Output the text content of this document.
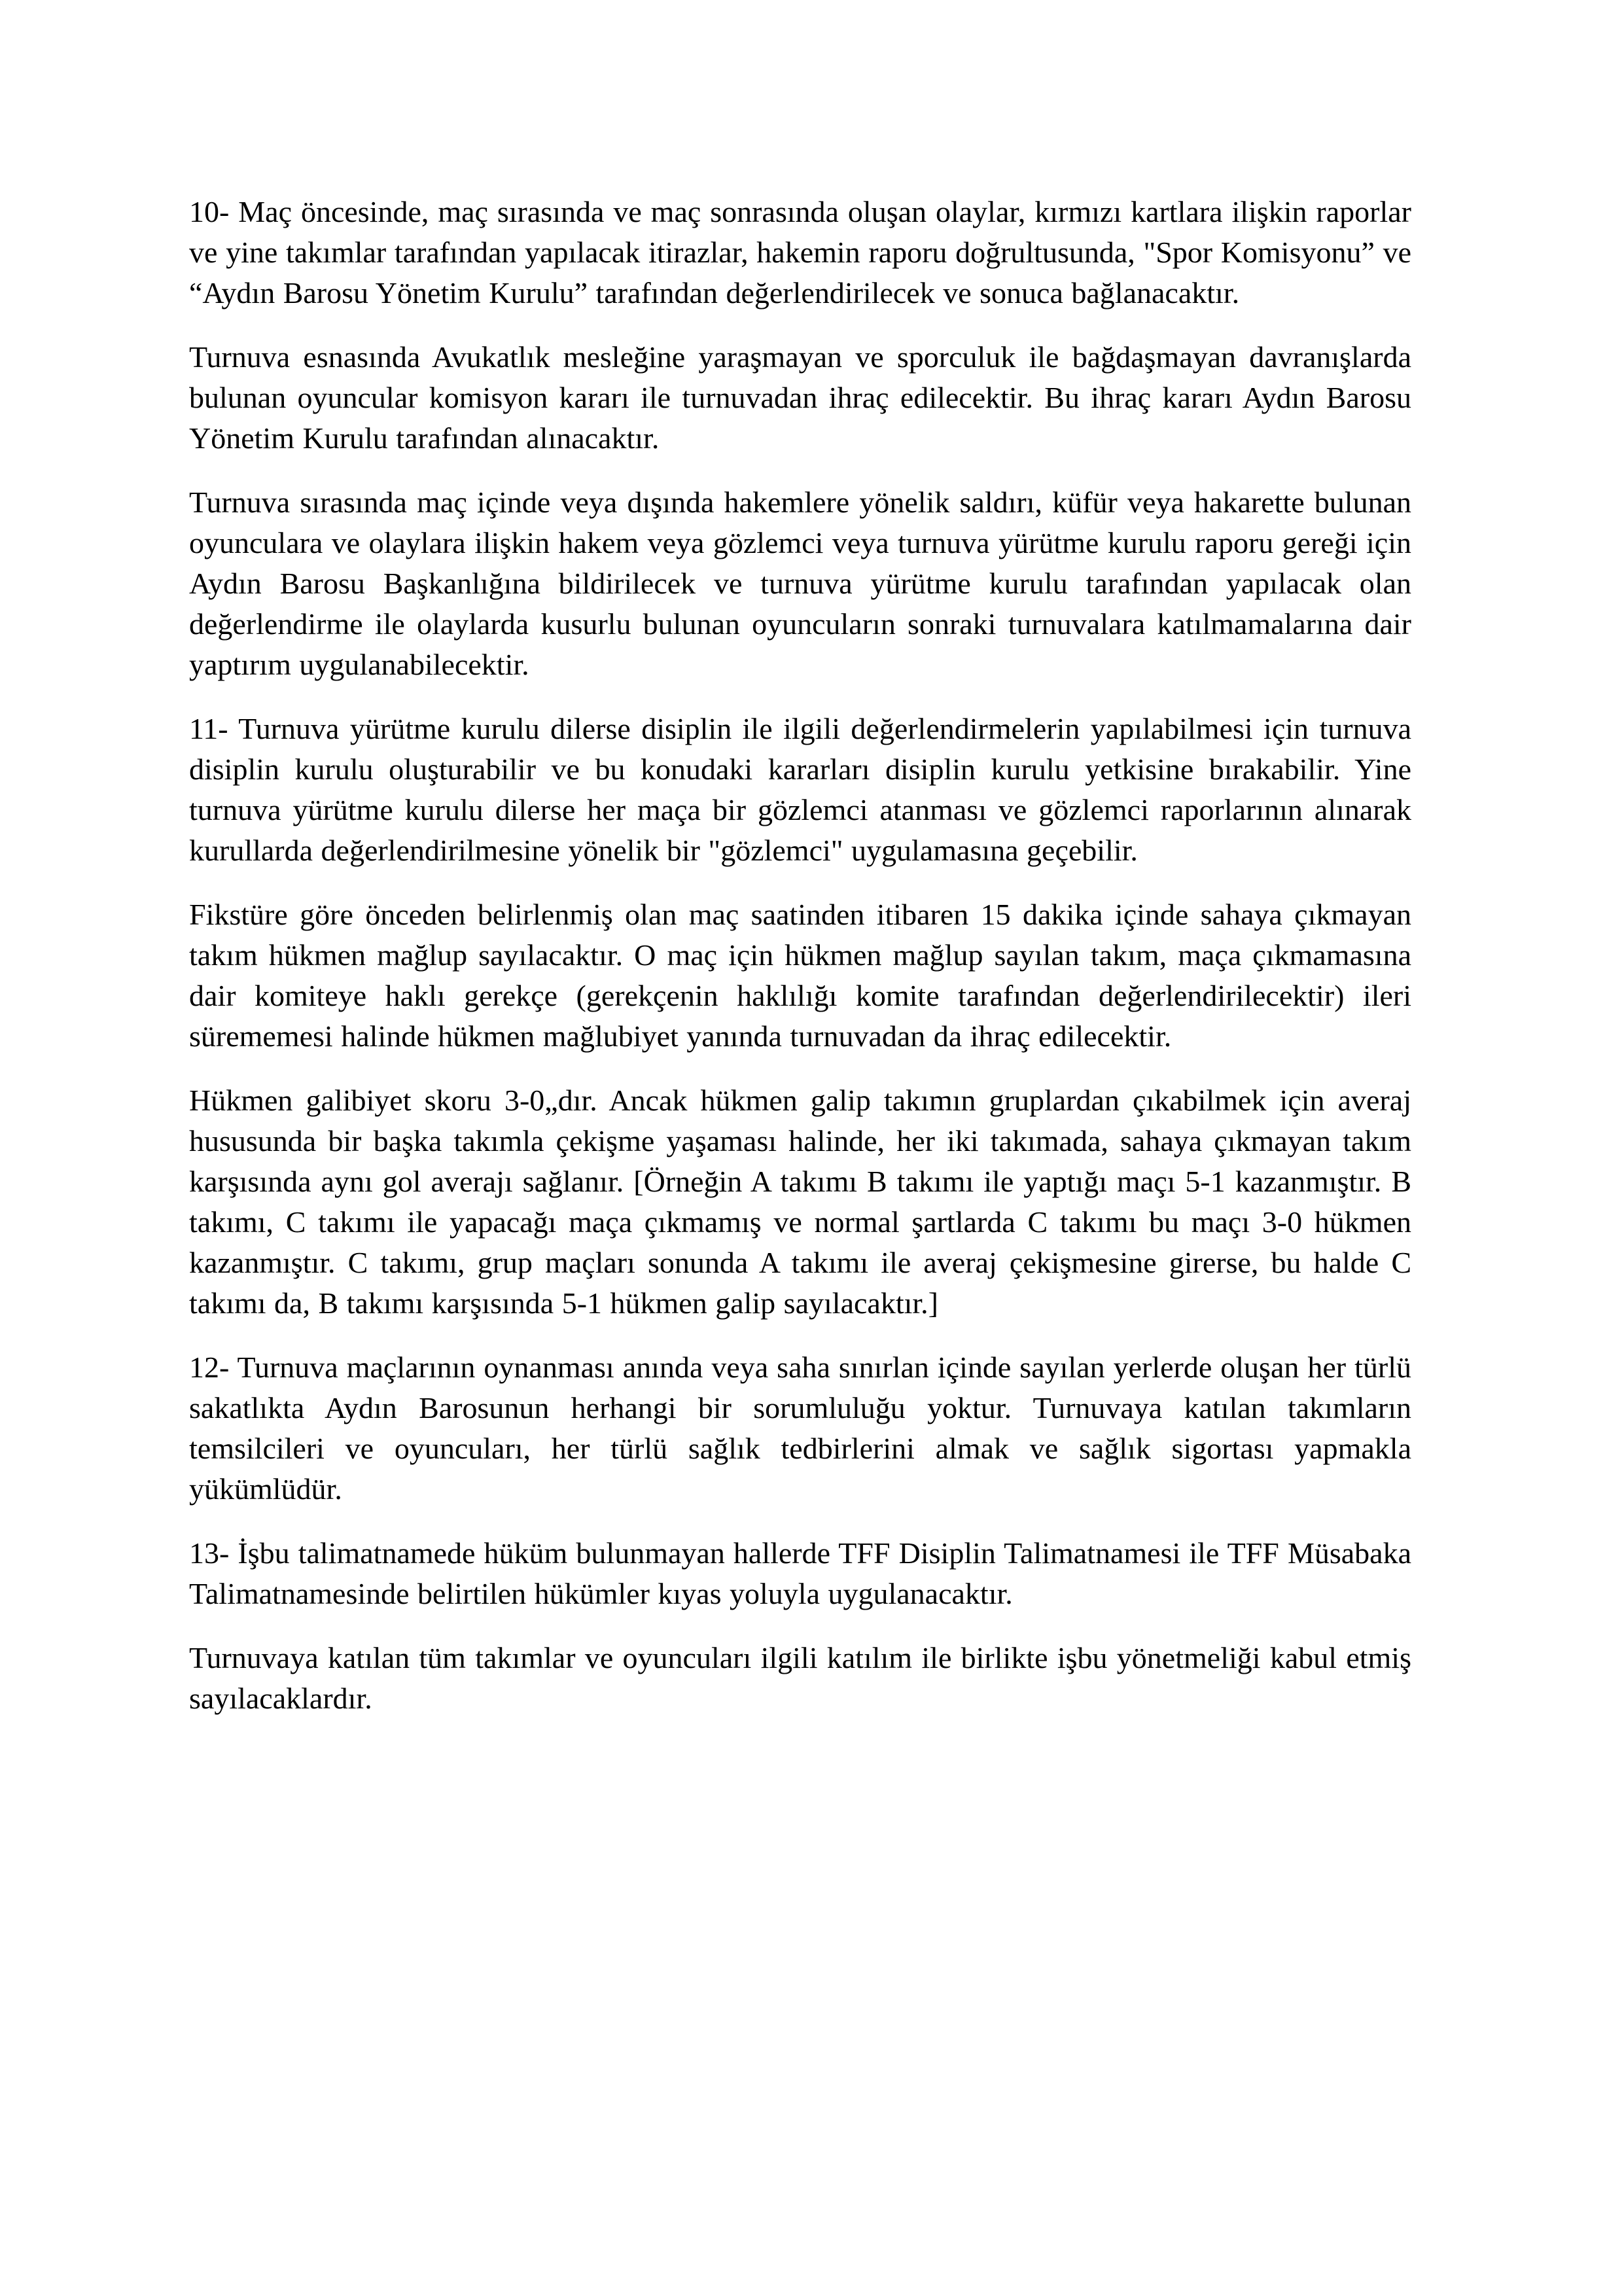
10- Maç öncesinde, maç sırasında ve maç sonrasında oluşan olaylar, kırmızı kartlara ilişkin raporlar ve yine takımlar tarafından yapılacak itirazlar, hakemin raporu doğrultusunda, "Spor Komisyonu” ve “Aydın Barosu Yönetim Kurulu” tarafından değerlendirilecek ve sonuca bağlanacaktır.

Turnuva esnasında Avukatlık mesleğine yaraşmayan ve sporculuk ile bağdaşmayan davranışlarda bulunan oyuncular komisyon kararı ile turnuvadan ihraç edilecektir. Bu ihraç kararı Aydın Barosu Yönetim Kurulu tarafından alınacaktır.

Turnuva sırasında maç içinde veya dışında hakemlere yönelik saldırı, küfür veya hakarette bulunan oyunculara ve olaylara ilişkin hakem veya gözlemci veya turnuva yürütme kurulu raporu gereği için Aydın Barosu Başkanlığına bildirilecek ve turnuva yürütme kurulu tarafından yapılacak olan değerlendirme ile olaylarda kusurlu bulunan oyuncuların sonraki turnuvalara katılmamalarına dair yaptırım uygulanabilecektir.

11- Turnuva yürütme kurulu dilerse disiplin ile ilgili değerlendirmelerin yapılabilmesi için turnuva disiplin kurulu oluşturabilir ve bu konudaki kararları disiplin kurulu yetkisine bırakabilir. Yine turnuva yürütme kurulu dilerse her maça bir gözlemci atanması ve gözlemci raporlarının alınarak kurullarda değerlendirilmesine yönelik bir "gözlemci" uygulamasına geçebilir.

Fikstüre göre önceden belirlenmiş olan maç saatinden itibaren 15 dakika içinde sahaya çıkmayan takım hükmen mağlup sayılacaktır. O maç için hükmen mağlup sayılan takım, maça çıkmamasına dair komiteye haklı gerekçe (gerekçenin haklılığı komite tarafından değerlendirilecektir) ileri sürememesi halinde hükmen mağlubiyet yanında turnuvadan da ihraç edilecektir.

Hükmen galibiyet skoru 3-0„dır. Ancak hükmen galip takımın gruplardan çıkabilmek için averaj hususunda bir başka takımla çekişme yaşaması halinde, her iki takımada, sahaya çıkmayan takım karşısında aynı gol averajı sağlanır. [Örneğin A takımı B takımı ile yaptığı maçı 5-1 kazanmıştır. B takımı, C takımı ile yapacağı maça çıkmamış ve normal şartlarda C takımı bu maçı 3-0 hükmen kazanmıştır. C takımı, grup maçları sonunda A takımı ile averaj çekişmesine girerse, bu halde C takımı da, B takımı karşısında 5-1 hükmen galip sayılacaktır.]

12- Turnuva maçlarının oynanması anında veya saha sınırlan içinde sayılan yerlerde oluşan her türlü sakatlıkta Aydın Barosunun herhangi bir sorumluluğu yoktur. Turnuvaya katılan takımların temsilcileri ve oyuncuları, her türlü sağlık tedbirlerini almak ve sağlık sigortası yapmakla yükümlüdür.

13- İşbu talimatnamede hüküm bulunmayan hallerde TFF Disiplin Talimatnamesi ile TFF Müsabaka Talimatnamesinde belirtilen hükümler kıyas yoluyla uygulanacaktır.

Turnuvaya katılan tüm takımlar ve oyuncuları ilgili katılım ile birlikte işbu yönetmeliği kabul etmiş sayılacaklardır.
